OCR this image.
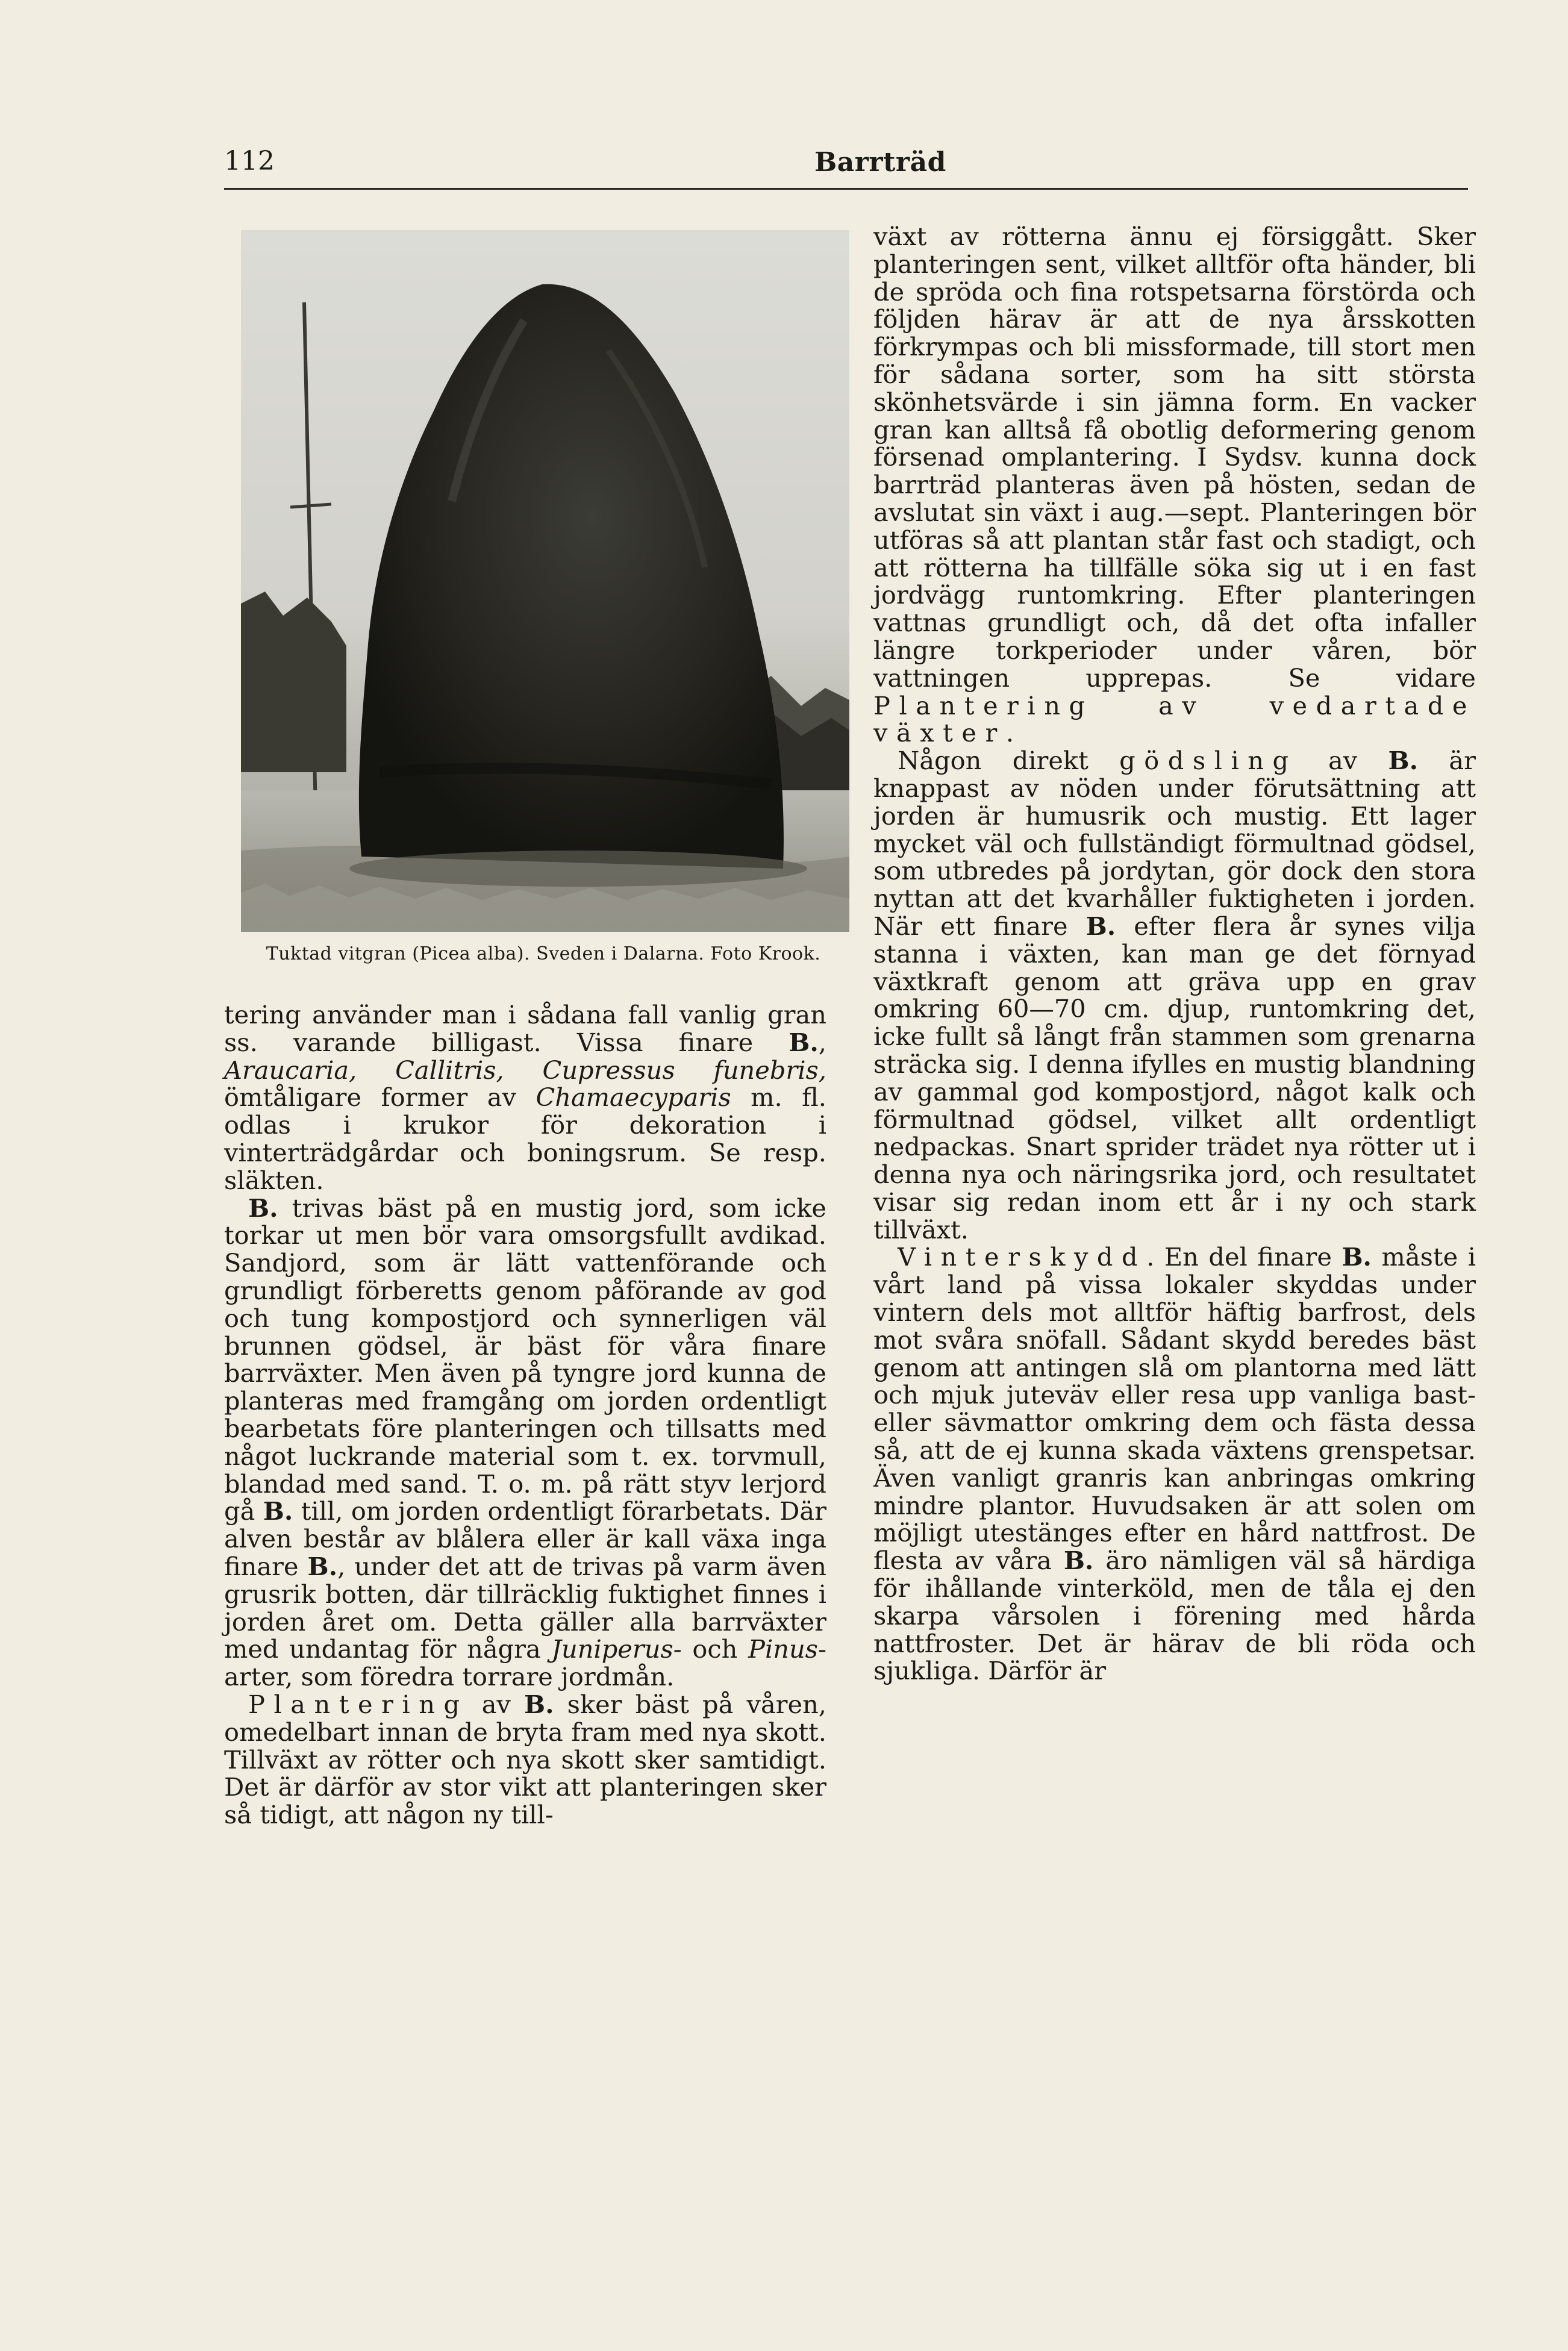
112	Barrträd
Tuktad vitgran (Picea alba). Sveden i Dalarna. Foto Krook.

tering använder man i sådana fall vanlig gran ss. varande billigast. Vissa finare B., Araucaria, Callitris, Cupressus funebris, ömtåligare former av Chamaecyparis m. fl. odlas i krukor för dekoration i vinterträdgårdar och boningsrum. Se resp. släkten.

B. trivas bäst på en mustig jord, som icke torkar ut men bör vara omsorgsfullt avdikad. Sandjord, som är lätt vattenförande och grundligt förberetts genom påförande av god och tung kompostjord och synnerligen väl brunnen gödsel, är bäst för våra finare barrväxter. Men även på tyngre jord kunna de planteras med framgång om jorden ordentligt bearbetats före planteringen och tillsatts med något luckrande material som t. ex. torvmull, blandad med sand. T. o. m. på rätt styv lerjord gå B. till, om jorden ordentligt förarbetats. Där alven består av blålera eller är kall växa inga finare B., under det att de trivas på varm även grusrik botten, där tillräcklig fuktighet finnes i jorden året om. Detta gäller alla barrväxter med undantag för några Juniperus- och Pinus-arter, som föredra torrare jordmån.

Plantering av B. sker bäst på våren, omedelbart innan de bryta fram med nya skott. Tillväxt av rötter och nya skott sker samtidigt. Det är därför av stor vikt att planteringen sker så tidigt, att någon ny till-

växt av rötterna ännu ej försiggått. Sker planteringen sent, vilket alltför ofta händer, bli de spröda och fina rotspetsarna förstörda och följden härav är att de nya årsskotten förkrympas och bli missformade, till stort men för sådana sorter, som ha sitt största skönhetsvärde i sin jämna form. En vacker gran kan alltså få obotlig deformering genom försenad omplantering. I Sydsv. kunna dock barrträd planteras även på hösten, sedan de avslutat sin växt i aug.—sept. Planteringen bör utföras så att plantan står fast och stadigt, och att rötterna ha tillfälle söka sig ut i en fast jordvägg runtomkring. Efter planteringen vattnas grundligt och, då det ofta infaller längre torkperioder under våren, bör vattningen upprepas. Se vidare Plantering av vedartade växter.

Någon direkt gödsling av B. är knappast av nöden under förutsättning att jorden är humusrik och mustig. Ett lager mycket väl och fullständigt förmultnad gödsel, som utbredes på jordytan, gör dock den stora nyttan att det kvarhåller fuktigheten i jorden. När ett finare B. efter flera år synes vilja stanna i växten, kan man ge det förnyad växtkraft genom att gräva upp en grav omkring 60—70 cm. djup, runtomkring det, icke fullt så långt från stammen som grenarna sträcka sig. I denna ifylles en mustig blandning av gammal god kompostjord, något kalk och förmultnad gödsel, vilket allt ordentligt nedpackas. Snart sprider trädet nya rötter ut i denna nya och näringsrika jord, och resultatet visar sig redan inom ett år i ny och stark tillväxt.

Vinterskydd. En del finare B. måste i vårt land på vissa lokaler skyddas under vintern dels mot alltför häftig barfrost, dels mot svåra snöfall. Sådant skydd beredes bäst genom att antingen slå om plantorna med lätt och mjuk juteväv eller resa upp vanliga bast- eller sävmattor omkring dem och fästa dessa så, att de ej kunna skada växtens grenspetsar. Även vanligt granris kan anbringas omkring mindre plantor. Huvudsaken är att solen om möjligt utestänges efter en hård nattfrost. De flesta av våra B. äro nämligen väl så härdiga för ihållande vinterköld, men de tåla ej den skarpa vårsolen i förening med hårda nattfroster. Det är härav de bli röda och sjukliga. Därför är
